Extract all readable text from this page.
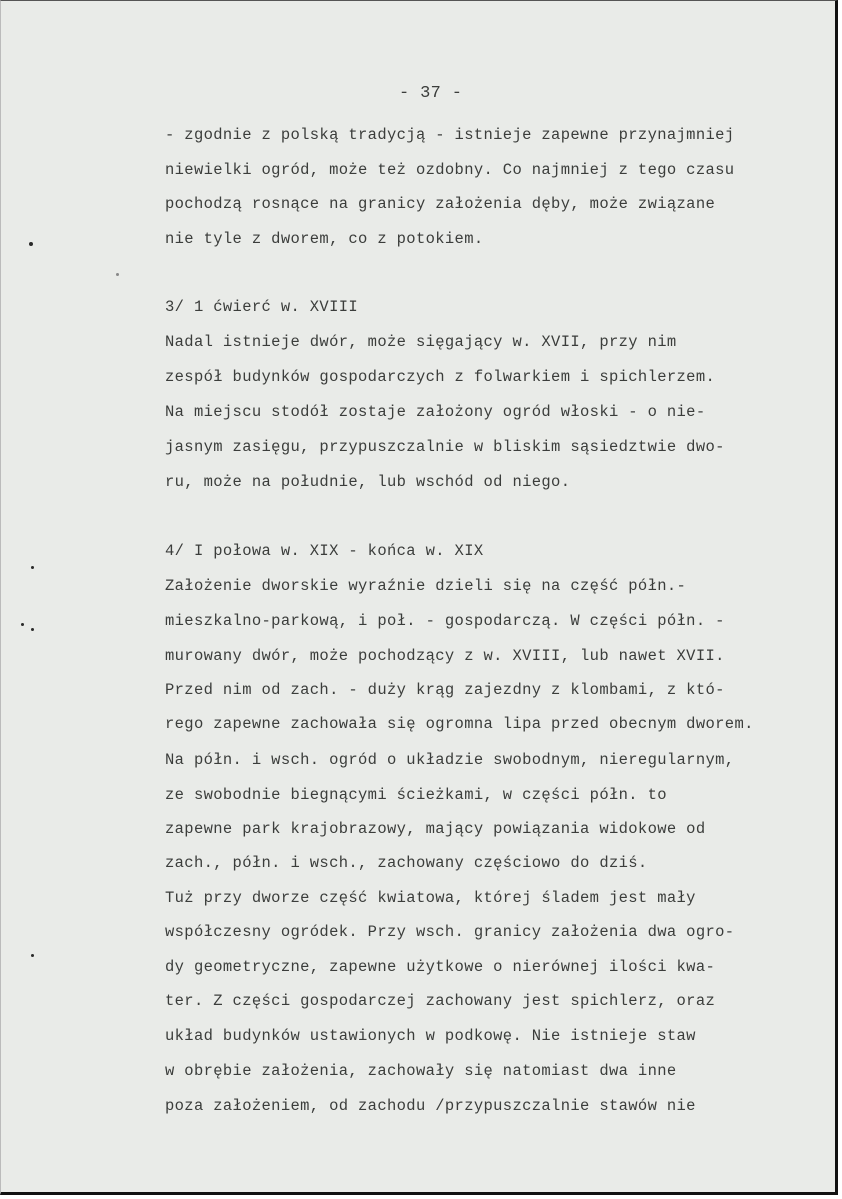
- 37 -
- zgodnie z polską tradycją - istnieje zapewne przynajmniej
niewielki ogród, może też ozdobny. Co najmniej z tego czasu
pochodzą rosnące na granicy założenia dęby, może związane
nie tyle z dworem, co z potokiem.
3/ 1 ćwierć w. XVIII
Nadal istnieje dwór, może sięgający w. XVII, przy nim
zespół budynków gospodarczych z folwarkiem i spichlerzem.
Na miejscu stodół zostaje założony ogród włoski - o nie-
jasnym zasięgu, przypuszczalnie w bliskim sąsiedztwie dwo-
ru, może na południe, lub wschód od niego.
4/ I połowa w. XIX - końca w. XIX
Założenie dworskie wyraźnie dzieli się na część półn.-
mieszkalno-parkową, i poł. - gospodarczą. W części półn. -
murowany dwór, może pochodzący z w. XVIII, lub nawet XVII.
Przed nim od zach. - duży krąg zajezdny z klombami, z któ-
rego zapewne zachowała się ogromna lipa przed obecnym dworem.
Na półn. i wsch. ogród o układzie swobodnym, nieregularnym,
ze swobodnie biegnącymi ścieżkami, w części półn. to
zapewne park krajobrazowy, mający powiązania widokowe od
zach., półn. i wsch., zachowany częściowo do dziś.
Tuż przy dworze część kwiatowa, której śladem jest mały
współczesny ogródek. Przy wsch. granicy założenia dwa ogro-
dy geometryczne, zapewne użytkowe o nierównej ilości kwa-
ter. Z części gospodarczej zachowany jest spichlerz, oraz
układ budynków ustawionych w podkowę. Nie istnieje staw
w obrębie założenia, zachowały się natomiast dwa inne
poza założeniem, od zachodu /przypuszczalnie stawów nie
